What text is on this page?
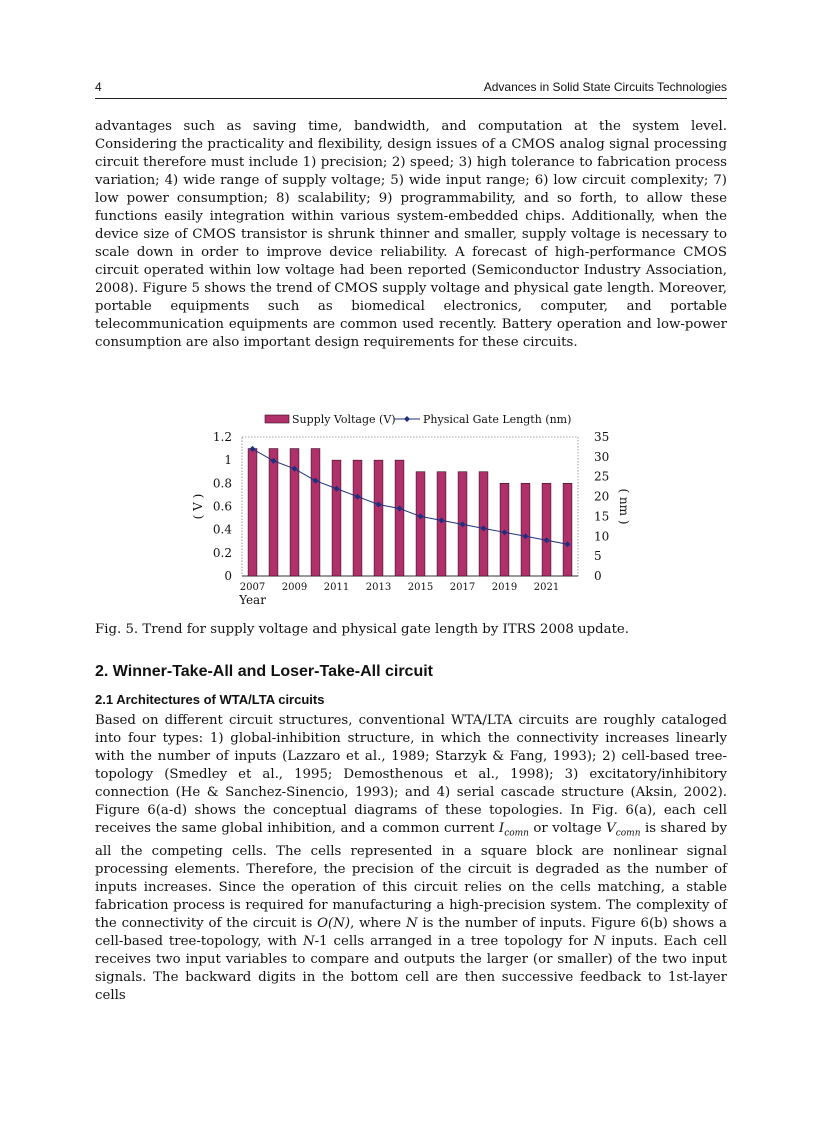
4	Advances in Solid State Circuits Technologies

advantages such as saving time, bandwidth, and computation at the system level. Considering the practicality and flexibility, design issues of a CMOS analog signal processing circuit therefore must include 1) precision; 2) speed; 3) high tolerance to fabrication process variation; 4) wide range of supply voltage; 5) wide input range; 6) low circuit complexity; 7) low power consumption; 8) scalability; 9) programmability, and so forth, to allow these functions easily integration within various system-embedded chips. Additionally, when the device size of CMOS transistor is shrunk thinner and smaller, supply voltage is necessary to scale down in order to improve device reliability. A forecast of high-performance CMOS circuit operated within low voltage had been reported (Semiconductor Industry Association, 2008). Figure 5 shows the trend of CMOS supply voltage and physical gate length. Moreover, portable equipments such as biomedical electronics, computer, and portable telecommunication equipments are common used recently. Battery operation and low-power consumption are also important design requirements for these circuits.

0
0.2
0.4
0.6
0.8
1
1.2
0
5
10
15
20
25
30
35
( V )	( nm )
2007 2009 2011 2013 2015 2017 2019 2021
Year
Supply Voltage (V) Physical Gate Length (nm)

Fig. 5. Trend for supply voltage and physical gate length by ITRS 2008 update.

2. Winner-Take-All and Loser-Take-All circuit
2.1 Architectures of WTA/LTA circuits

Based on different circuit structures, conventional WTA/LTA circuits are roughly cataloged into four types: 1) global-inhibition structure, in which the connectivity increases linearly with the number of inputs (Lazzaro et al., 1989; Starzyk & Fang, 1993); 2) cell-based tree-topology (Smedley et al., 1995; Demosthenous et al., 1998); 3) excitatory/inhibitory connection (He & Sanchez-Sinencio, 1993); and 4) serial cascade structure (Aksin, 2002). Figure 6(a-d) shows the conceptual diagrams of these topologies. In Fig. 6(a), each cell receives the same global inhibition, and a common current $I_{comn}$ or voltage $V_{comn}$ is shared by all the competing cells. The cells represented in a square block are nonlinear signal processing elements. Therefore, the precision of the circuit is degraded as the number of inputs increases. Since the operation of this circuit relies on the cells matching, a stable fabrication process is required for manufacturing a high-precision system. The complexity of the connectivity of the circuit is O(N), where N is the number of inputs. Figure 6(b) shows a cell-based tree-topology, with N-1 cells arranged in a tree topology for N inputs. Each cell receives two input variables to compare and outputs the larger (or smaller) of the two input signals. The backward digits in the bottom cell are then successive feedback to 1st-layer cells
